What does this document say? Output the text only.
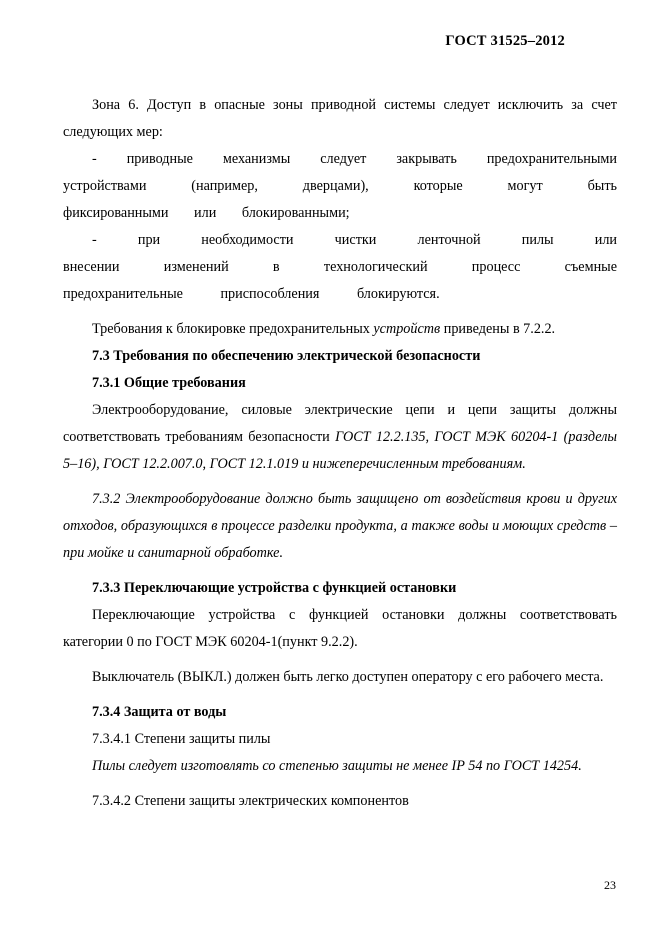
ГОСТ 31525–2012

Зона 6. Доступ в опасные зоны приводной системы следует исключить за счет следующих мер:

- приводные механизмы следует закрывать предохранительными устройствами (например, дверцами), которые могут быть фиксированными или блокированными;

- при необходимости чистки ленточной пилы или внесении изменений в технологический процесс съемные предохранительные приспособления блокируются.

Требования к блокировке предохранительных устройств приведены в 7.2.2.

7.3 Требования по обеспечению электрической безопасности

7.3.1 Общие требования

Электрооборудование, силовые электрические цепи и цепи защиты должны соответствовать требованиям безопасности ГОСТ 12.2.135, ГОСТ МЭК 60204-1 (разделы 5–16), ГОСТ 12.2.007.0, ГОСТ 12.1.019 и нижеперечисленным требованиям.

7.3.2 Электрооборудование должно быть защищено от воздействия крови и других отходов, образующихся в процессе разделки продукта, а также воды и моющих средств – при мойке и санитарной обработке.

7.3.3 Переключающие устройства с функцией остановки

Переключающие устройства с функцией остановки должны соответствовать категории 0 по ГОСТ МЭК 60204-1(пункт 9.2.2).

Выключатель (ВЫКЛ.) должен быть легко доступен оператору с его рабочего места.

7.3.4 Защита от воды

7.3.4.1 Степени защиты пилы

Пилы следует изготовлять со степенью защиты не менее IP 54 по ГОСТ 14254.

7.3.4.2 Степени защиты электрических компонентов

23
